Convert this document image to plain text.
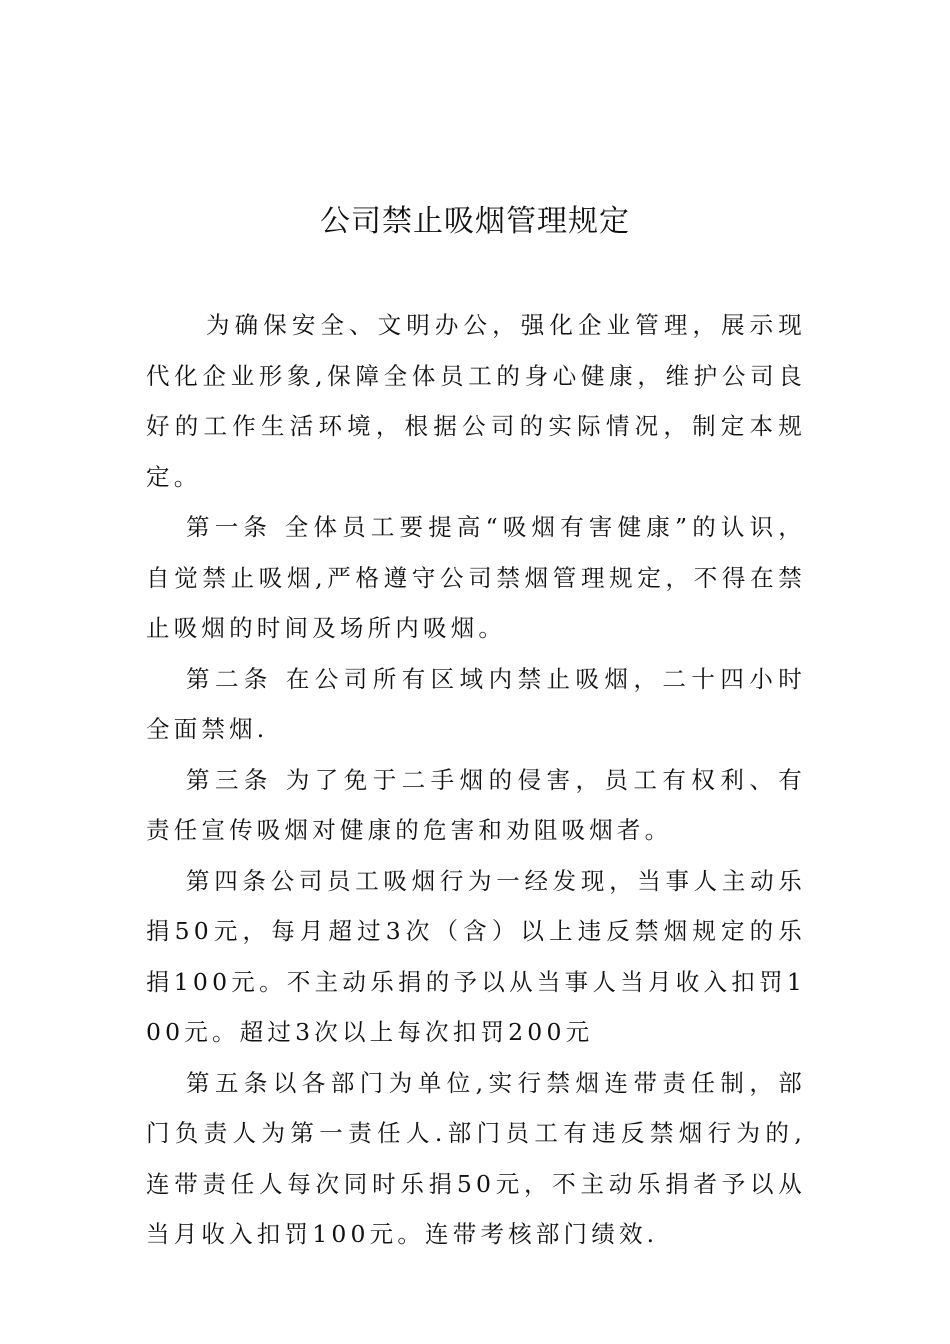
公司禁止吸烟管理规定

为确保安全、文明办公，强化企业管理，展示现代化企业形象,保障全体员工的身心健康，维护公司良好的工作生活环境，根据公司的实际情况，制定本规定。

第一条 全体员工要提高“吸烟有害健康”的认识，自觉禁止吸烟,严格遵守公司禁烟管理规定，不得在禁止吸烟的时间及场所内吸烟。

第二条 在公司所有区域内禁止吸烟，二十四小时全面禁烟.

第三条 为了免于二手烟的侵害，员工有权利、有责任宣传吸烟对健康的危害和劝阻吸烟者。

第四条公司员工吸烟行为一经发现，当事人主动乐捐50元，每月超过3次（含）以上违反禁烟规定的乐捐100元。不主动乐捐的予以从当事人当月收入扣罚100元。超过3次以上每次扣罚200元

第五条以各部门为单位,实行禁烟连带责任制，部门负责人为第一责任人.部门员工有违反禁烟行为的,连带责任人每次同时乐捐50元，不主动乐捐者予以从当月收入扣罚100元。连带考核部门绩效.
